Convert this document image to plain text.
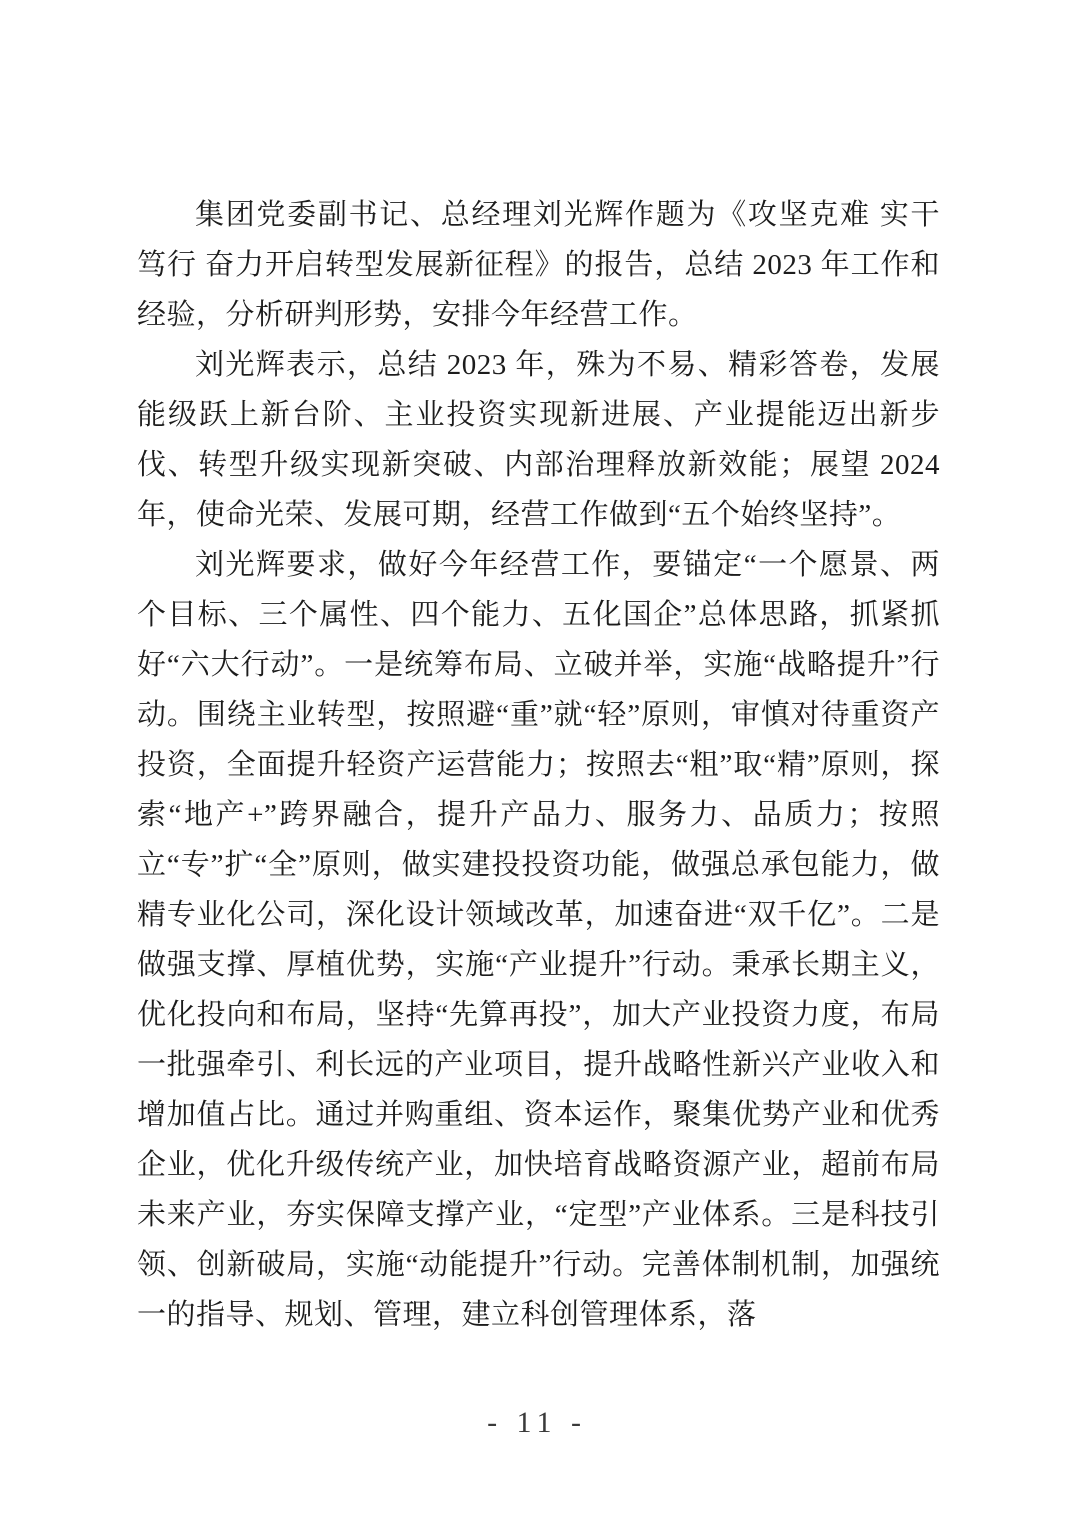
集团党委副书记、总经理刘光辉作题为《攻坚克难 实干笃行 奋力开启转型发展新征程》的报告，总结 2023 年工作和经验，分析研判形势，安排今年经营工作。

刘光辉表示，总结 2023 年，殊为不易、精彩答卷，发展能级跃上新台阶、主业投资实现新进展、产业提能迈出新步伐、转型升级实现新突破、内部治理释放新效能；展望 2024 年，使命光荣、发展可期，经营工作做到“五个始终坚持”。

刘光辉要求，做好今年经营工作，要锚定“一个愿景、两个目标、三个属性、四个能力、五化国企”总体思路，抓紧抓好“六大行动”。一是统筹布局、立破并举，实施“战略提升”行动。围绕主业转型，按照避“重”就“轻”原则，审慎对待重资产投资，全面提升轻资产运营能力；按照去“粗”取“精”原则，探索“地产+”跨界融合，提升产品力、服务力、品质力；按照立“专”扩“全”原则，做实建投投资功能，做强总承包能力，做精专业化公司，深化设计领域改革，加速奋进“双千亿”。二是做强支撑、厚植优势，实施“产业提升”行动。秉承长期主义，优化投向和布局，坚持“先算再投”，加大产业投资力度，布局一批强牵引、利长远的产业项目，提升战略性新兴产业收入和增加值占比。通过并购重组、资本运作，聚集优势产业和优秀企业，优化升级传统产业，加快培育战略资源产业，超前布局未来产业，夯实保障支撑产业，“定型”产业体系。三是科技引领、创新破局，实施“动能提升”行动。完善体制机制，加强统一的指导、规划、管理，建立科创管理体系，落

- 11 -
